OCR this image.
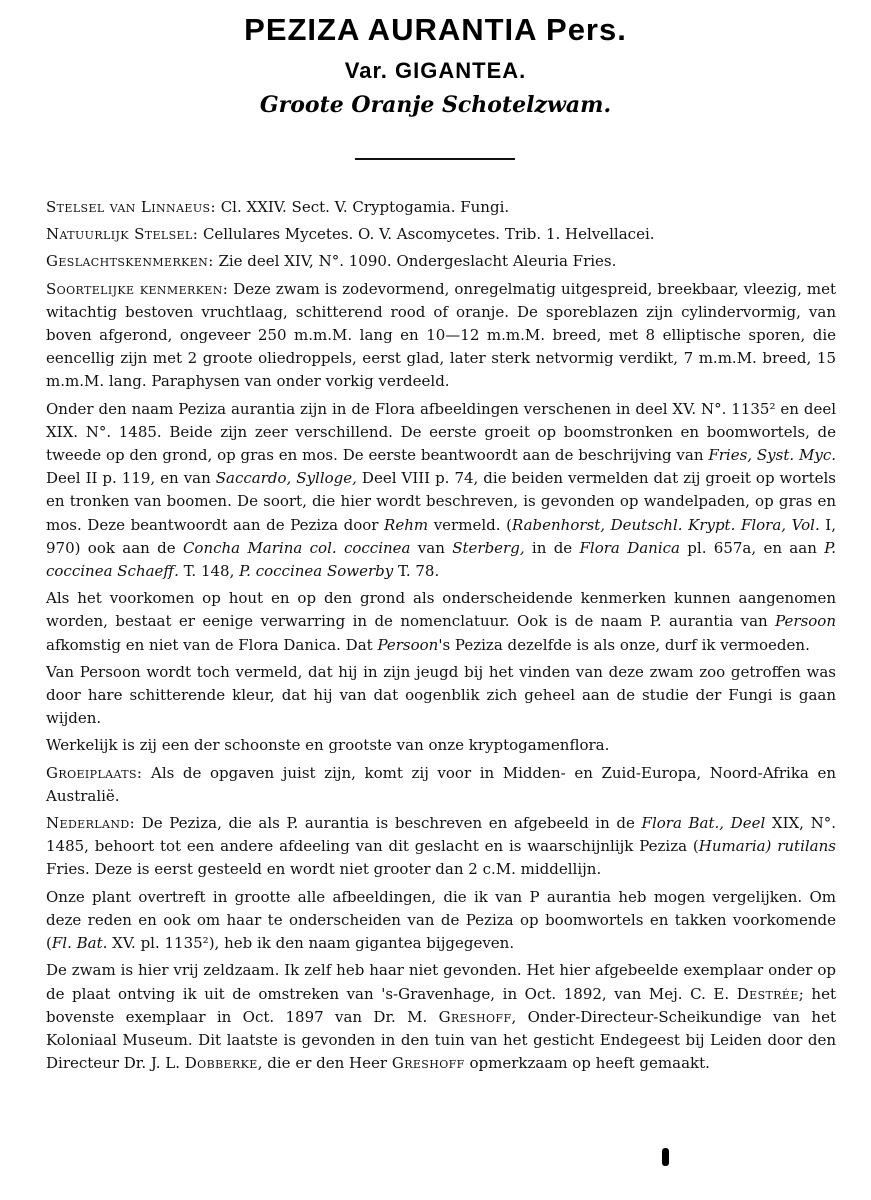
PEZIZA AURANTIA Pers.
Var. GIGANTEA.
Groote Oranje Schotelzwam.

Stelsel van Linnaeus: Cl. XXIV. Sect. V. Cryptogamia. Fungi.

Natuurlijk Stelsel: Cellulares Mycetes. O. V. Ascomycetes. Trib. 1. Helvellacei.

Geslachtskenmerken: Zie deel XIV, N°. 1090. Ondergeslacht Aleuria Fries.

Soortelijke kenmerken: Deze zwam is zodevormend, onregelmatig uitgespreid, breekbaar, vleezig, met witachtig bestoven vruchtlaag, schitterend rood of oranje. De sporeblazen zijn cylindervormig, van boven afgerond, ongeveer 250 m.m.M. lang en 10—12 m.m.M. breed, met 8 elliptische sporen, die eencellig zijn met 2 groote oliedroppels, eerst glad, later sterk netvormig verdikt, 7 m.m.M. breed, 15 m.m.M. lang. Paraphysen van onder vorkig verdeeld.

Onder den naam Peziza aurantia zijn in de Flora afbeeldingen verschenen in deel XV. N°. 1135² en deel XIX. N°. 1485. Beide zijn zeer verschillend. De eerste groeit op boomstronken en boomwortels, de tweede op den grond, op gras en mos. De eerste beantwoordt aan de beschrijving van Fries, Syst. Myc. Deel II p. 119, en van Saccardo, Sylloge, Deel VIII p. 74, die beiden vermelden dat zij groeit op wortels en tronken van boomen. De soort, die hier wordt beschreven, is gevonden op wandelpaden, op gras en mos. Deze beantwoordt aan de Peziza door Rehm vermeld. (Rabenhorst, Deutschl. Krypt. Flora, Vol. I, 970) ook aan de Concha Marina col. coccinea van Sterberg, in de Flora Danica pl. 657a, en aan P. coccinea Schaeff. T. 148, P. coccinea Sowerby T. 78.

Als het voorkomen op hout en op den grond als onderscheidende kenmerken kunnen aangenomen worden, bestaat er eenige verwarring in de nomenclatuur. Ook is de naam P. aurantia van Persoon afkomstig en niet van de Flora Danica. Dat Persoon's Peziza dezelfde is als onze, durf ik vermoeden.

Van Persoon wordt toch vermeld, dat hij in zijn jeugd bij het vinden van deze zwam zoo getroffen was door hare schitterende kleur, dat hij van dat oogenblik zich geheel aan de studie der Fungi is gaan wijden.

Werkelijk is zij een der schoonste en grootste van onze kryptogamenflora.

Groeiplaats: Als de opgaven juist zijn, komt zij voor in Midden- en Zuid-Europa, Noord-Afrika en Australië.

Nederland: De Peziza, die als P. aurantia is beschreven en afgebeeld in de Flora Bat., Deel XIX, N°. 1485, behoort tot een andere afdeeling van dit geslacht en is waarschijnlijk Peziza (Humaria) rutilans Fries. Deze is eerst gesteeld en wordt niet grooter dan 2 c.M. middellijn.

Onze plant overtreft in grootte alle afbeeldingen, die ik van P aurantia heb mogen vergelijken. Om deze reden en ook om haar te onderscheiden van de Peziza op boomwortels en takken voorkomende (Fl. Bat. XV. pl. 1135²), heb ik den naam gigantea bijgegeven.

De zwam is hier vrij zeldzaam. Ik zelf heb haar niet gevonden. Het hier afgebeelde exemplaar onder op de plaat ontving ik uit de omstreken van 's-Gravenhage, in Oct. 1892, van Mej. C. E. Destrée; het bovenste exemplaar in Oct. 1897 van Dr. M. Greshoff, Onder-Directeur-Scheikundige van het Koloniaal Museum. Dit laatste is gevonden in den tuin van het gesticht Endegeest bij Leiden door den Directeur Dr. J. L. Dobberke, die er den Heer Greshoff opmerkzaam op heeft gemaakt.
